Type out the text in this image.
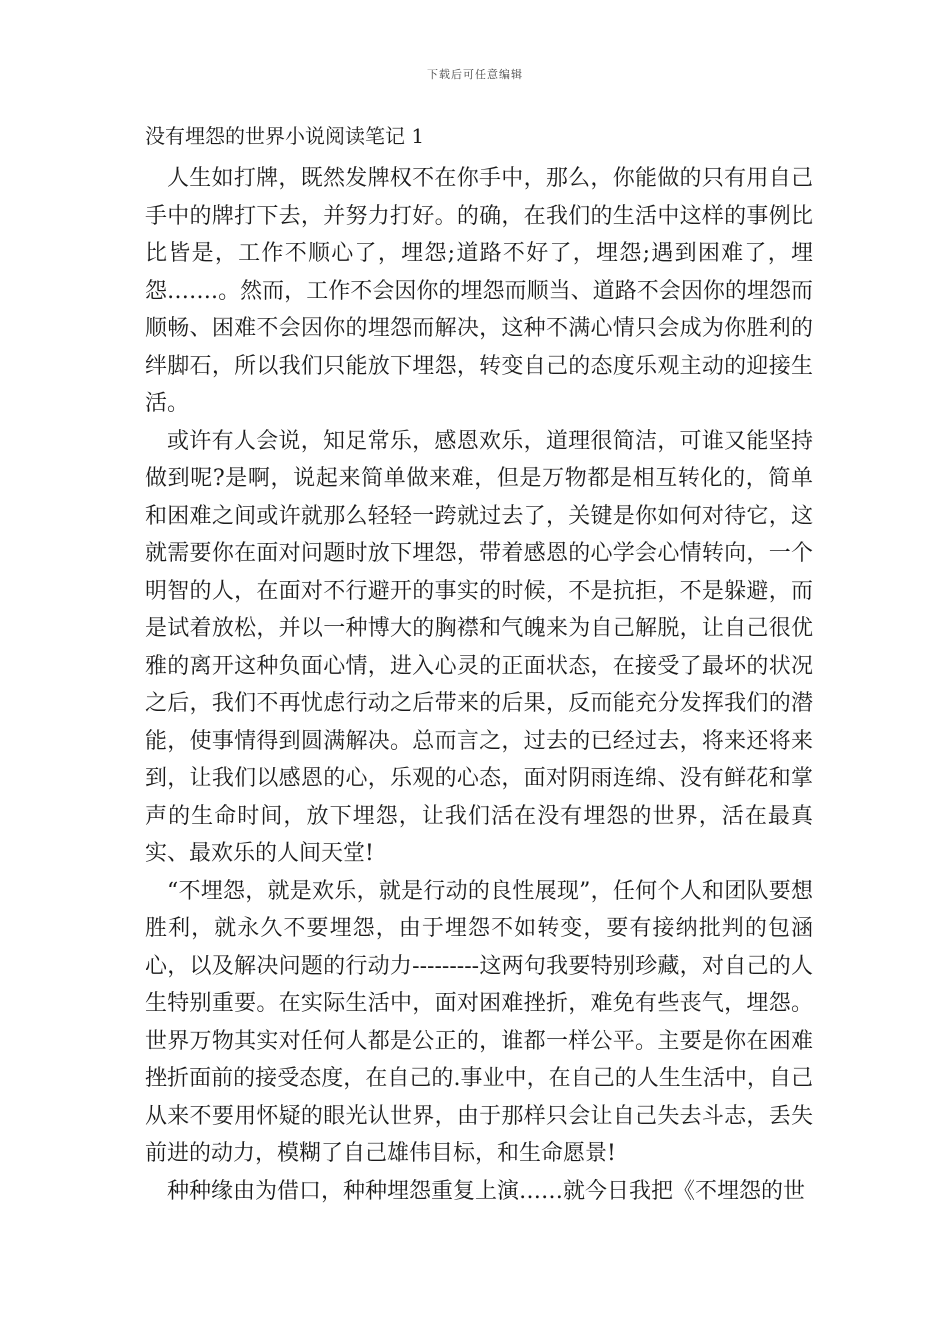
下载后可任意编辑
没有埋怨的世界小说阅读笔记 1

人生如打牌，既然发牌权不在你手中，那么，你能做的只有用自己手中的牌打下去，并努力打好。的确，在我们的生活中这样的事例比比皆是，工作不顺心了，埋怨;道路不好了，埋怨;遇到困难了，埋怨…….。然而，工作不会因你的埋怨而顺当、道路不会因你的埋怨而顺畅、困难不会因你的埋怨而解决，这种不满心情只会成为你胜利的绊脚石，所以我们只能放下埋怨，转变自己的态度乐观主动的迎接生活。

或许有人会说，知足常乐，感恩欢乐，道理很简洁，可谁又能坚持做到呢?是啊，说起来简单做来难，但是万物都是相互转化的，简单和困难之间或许就那么轻轻一跨就过去了，关键是你如何对待它，这就需要你在面对问题时放下埋怨，带着感恩的心学会心情转向，一个明智的人，在面对不行避开的事实的时候，不是抗拒，不是躲避，而是试着放松，并以一种博大的胸襟和气魄来为自己解脱，让自己很优雅的离开这种负面心情，进入心灵的正面状态，在接受了最坏的状况之后，我们不再忧虑行动之后带来的后果，反而能充分发挥我们的潜能，使事情得到圆满解决。总而言之，过去的已经过去，将来还将来到，让我们以感恩的心，乐观的心态，面对阴雨连绵、没有鲜花和掌声的生命时间，放下埋怨，让我们活在没有埋怨的世界，活在最真实、最欢乐的人间天堂!

“不埋怨，就是欢乐，就是行动的良性展现”，任何个人和团队要想胜利，就永久不要埋怨，由于埋怨不如转变，要有接纳批判的包涵心，以及解决问题的行动力---------这两句我要特别珍藏，对自己的人生特别重要。在实际生活中，面对困难挫折，难免有些丧气，埋怨。世界万物其实对任何人都是公正的，谁都一样公平。主要是你在困难挫折面前的接受态度，在自己的.事业中，在自己的人生生活中，自己从来不要用怀疑的眼光认世界，由于那样只会让自己失去斗志，丢失前进的动力，模糊了自己雄伟目标，和生命愿景!

种种缘由为借口，种种埋怨重复上演……就今日我把《不埋怨的世
